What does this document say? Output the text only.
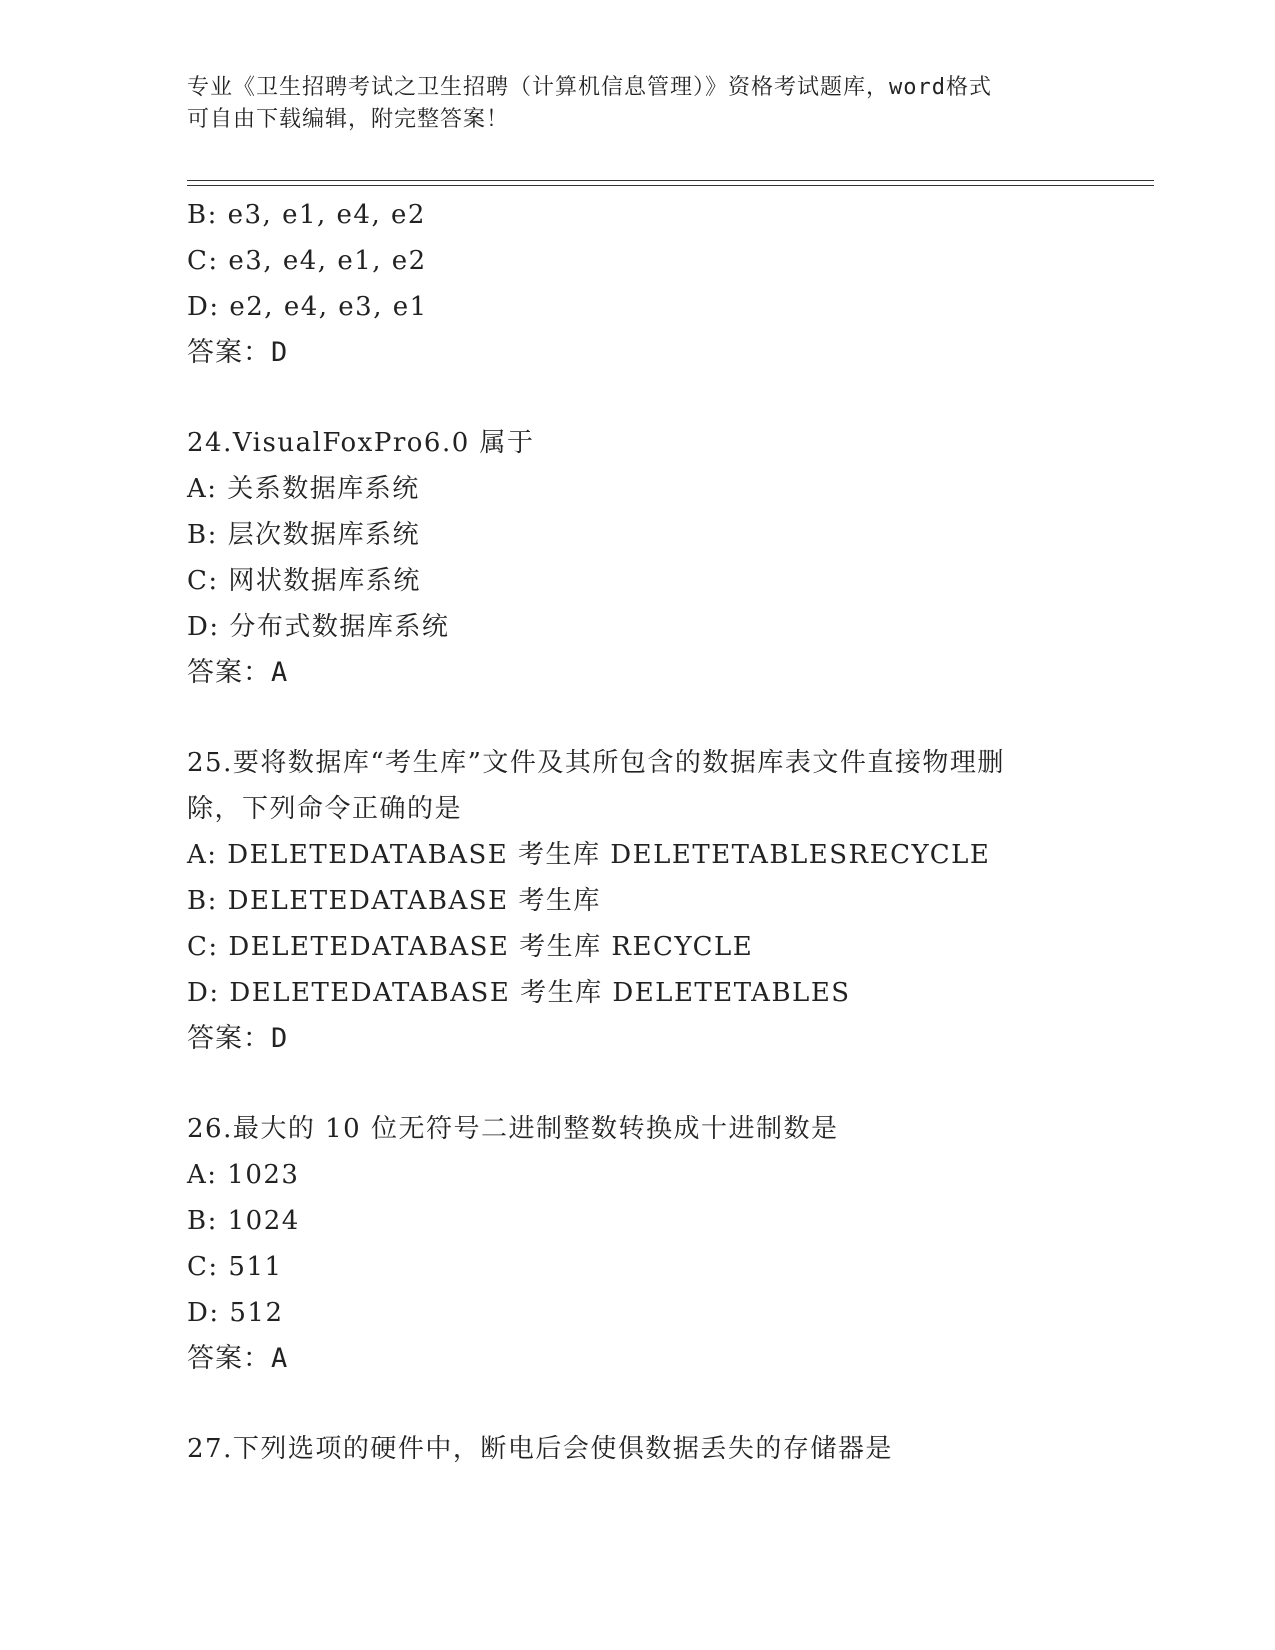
专业《卫生招聘考试之卫生招聘（计算机信息管理）》资格考试题库，word格式
可自由下载编辑，附完整答案！
B: e3, e1, e4, e2
C: e3, e4, e1, e2
D: e2, e4, e3, e1
答案：D
24.VisualFoxPro6.0 属于
A: 关系数据库系统
B: 层次数据库系统
C: 网状数据库系统
D: 分布式数据库系统
答案：A
25.要将数据库“考生库”文件及其所包含的数据库表文件直接物理删
除，下列命令正确的是
A: DELETEDATABASE 考生库 DELETETABLESRECYCLE
B: DELETEDATABASE 考生库
C: DELETEDATABASE 考生库 RECYCLE
D: DELETEDATABASE 考生库 DELETETABLES
答案：D
26.最大的 10 位无符号二进制整数转换成十进制数是
A: 1023
B: 1024
C: 511
D: 512
答案：A
27.下列选项的硬件中，断电后会使俱数据丢失的存储器是
